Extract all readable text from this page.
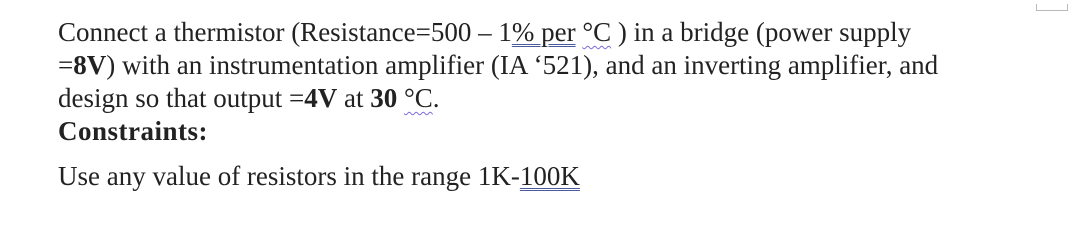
Connect a thermistor (Resistance=500 – 1% per °C ) in a bridge (power supply
=8V) with an instrumentation amplifier (IA ‘521), and an inverting amplifier, and
design so that output =4V at 30 °C.
Constraints:
Use any value of resistors in the range 1K-100K
